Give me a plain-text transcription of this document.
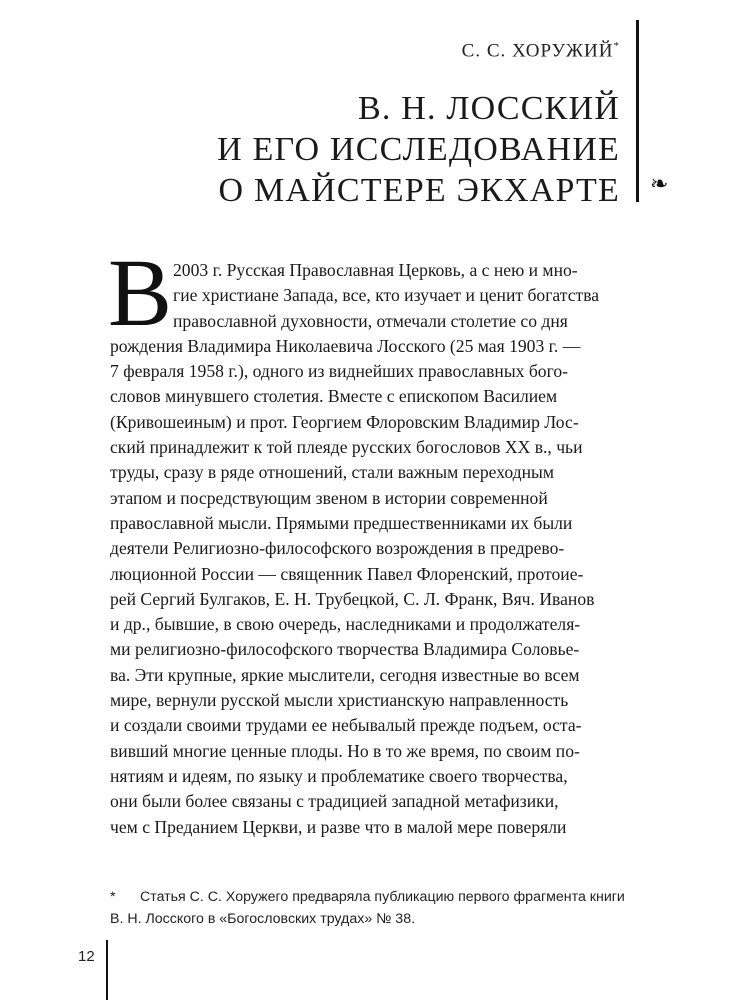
❧
С. С. ХОРУЖИЙ*
В. Н. ЛОССКИЙ
И ЕГО ИССЛЕДОВАНИЕ
О МАЙСТЕРЕ ЭКХАРТЕ
В 2003 г. Русская Православная Церковь, а с нею и мно-
гие христиане Запада, все, кто изучает и ценит богатства
православной духовности, отмечали столетие со дня
рождения Владимира Николаевича Лосского (25 мая 1903 г. —
7 февраля 1958 г.), одного из виднейших православных бого-
словов минувшего столетия. Вместе с епископом Василием
(Кривошеиным) и прот. Георгием Флоровским Владимир Лос-
ский принадлежит к той плеяде русских богословов XX в., чьи
труды, сразу в ряде отношений, стали важным переходным
этапом и посредствующим звеном в истории современной
православной мысли. Прямыми предшественниками их были
деятели Религиозно-философского возрождения в предрево-
люционной России — священник Павел Флоренский, протоие-
рей Сергий Булгаков, Е. Н. Трубецкой, С. Л. Франк, Вяч. Иванов
и др., бывшие, в свою очередь, наследниками и продолжателя-
ми религиозно-философского творчества Владимира Соловье-
ва. Эти крупные, яркие мыслители, сегодня известные во всем
мире, вернули русской мысли христианскую направленность
и создали своими трудами ее небывалый прежде подъем, оста-
вивший многие ценные плоды. Но в то же время, по своим по-
нятиям и идеям, по языку и проблематике своего творчества,
они были более связаны с традицией западной метафизики,
чем с Преданием Церкви, и разве что в малой мере поверяли
* Статья С. С. Хоружего предваряла публикацию первого фрагмента книги
В. Н. Лосского в «Богословских трудах» № 38.
12
